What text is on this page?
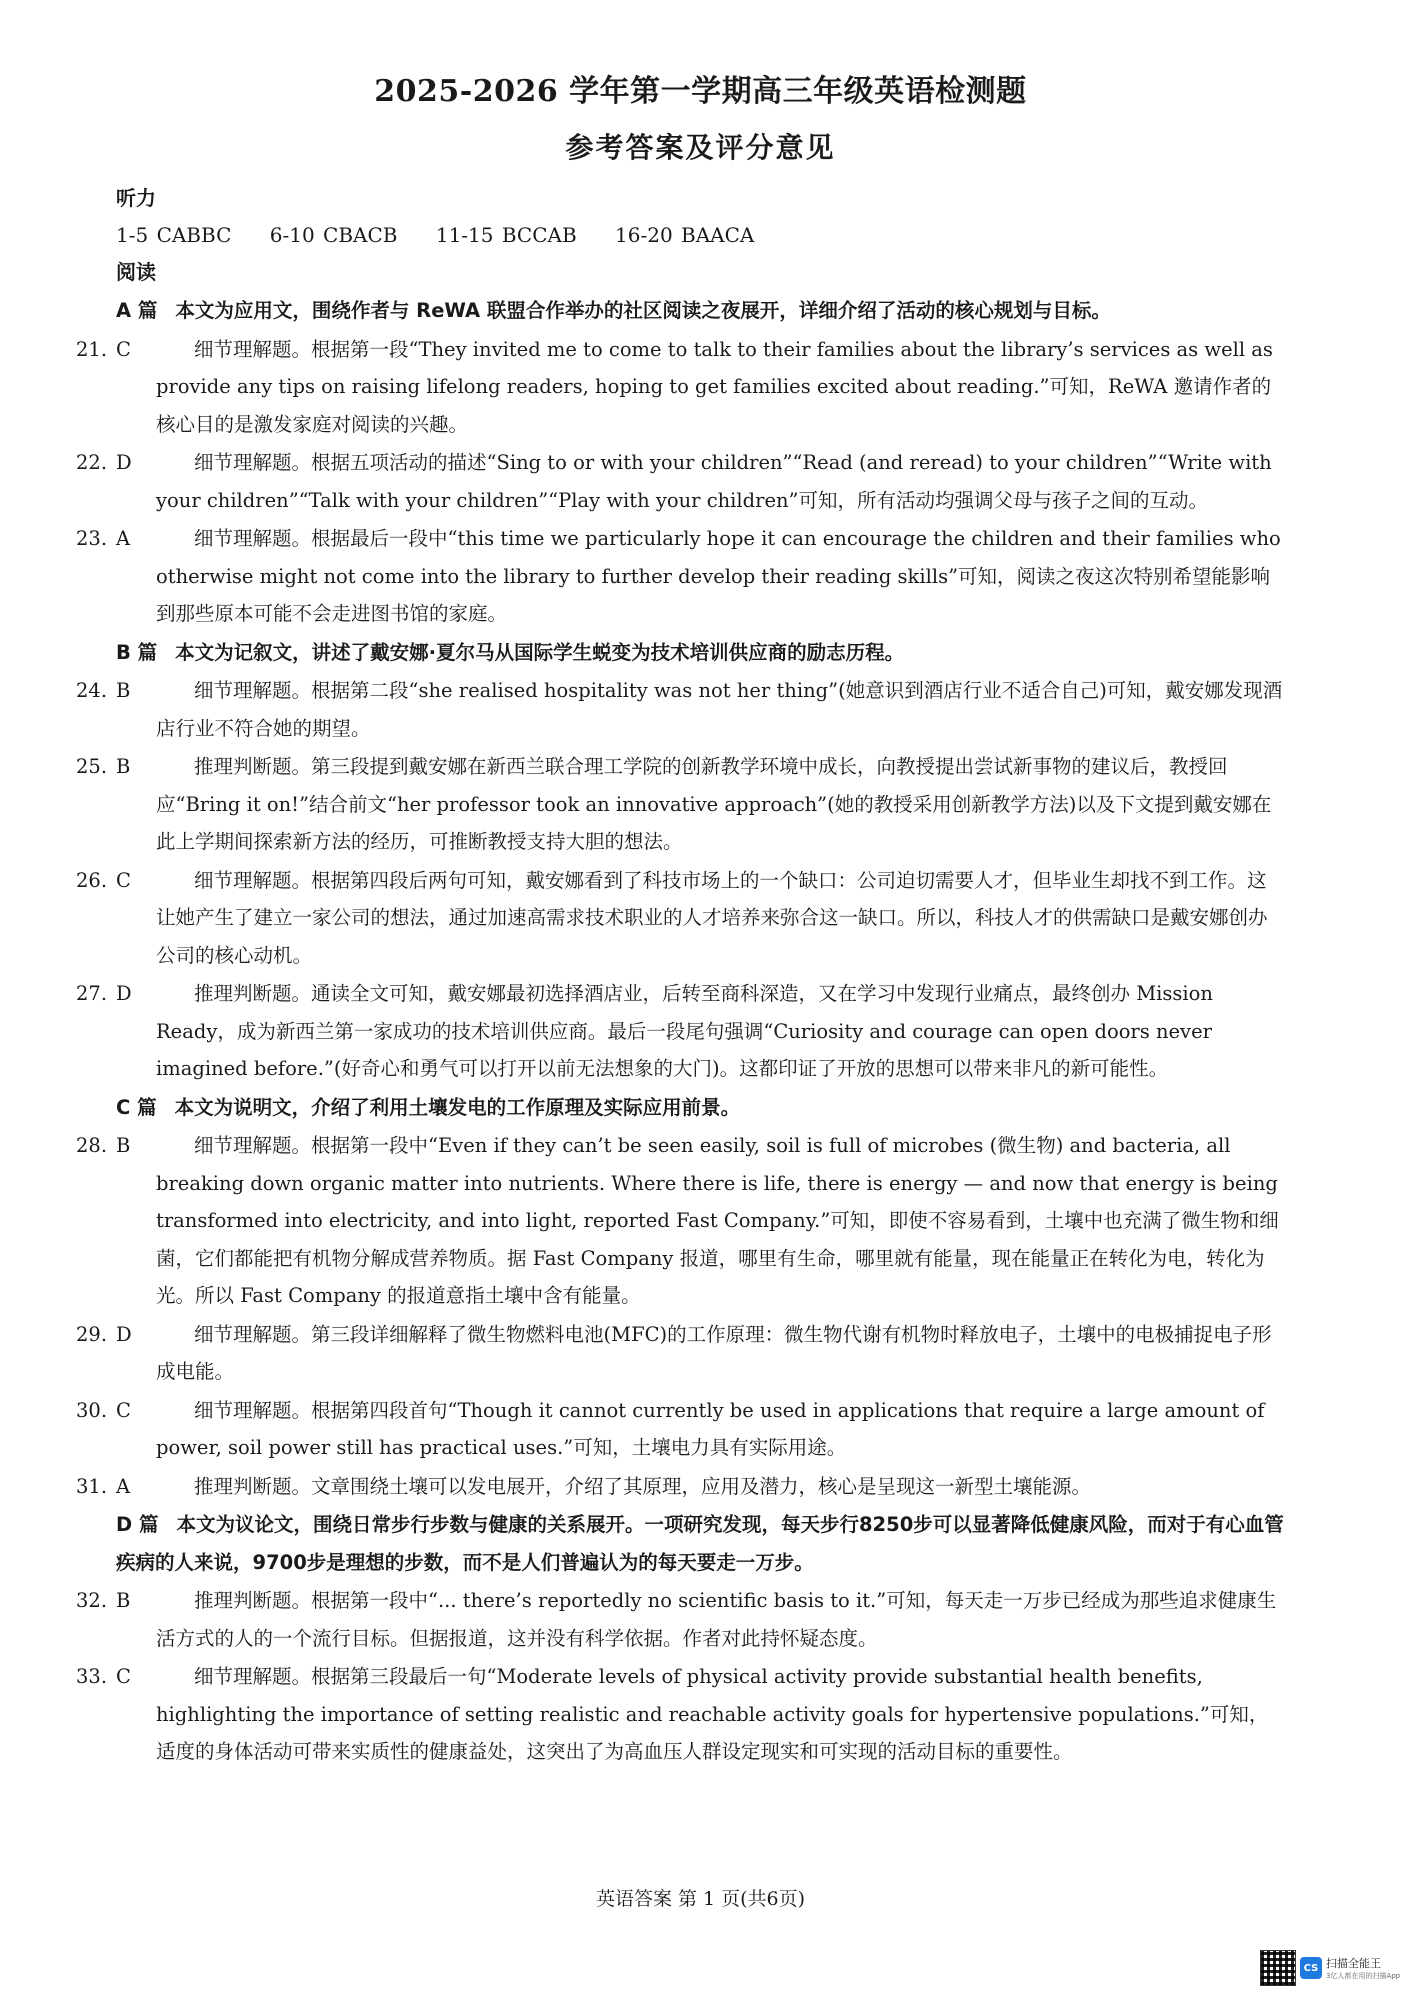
2025-2026 学年第一学期高三年级英语检测题
参考答案及评分意见
听力
1-5 CABBC 6-10 CBACB 11-15 BCCAB 16-20 BAACA
阅读
A 篇 本文为应用文，围绕作者与 ReWA 联盟合作举办的社区阅读之夜展开，详细介绍了活动的核心规划与目标。
21. C	细节理解题。根据第一段“They invited me to come to talk to their families about the library’s services as well as provide any tips on raising lifelong readers, hoping to get families excited about reading.”可知，ReWA 邀请作者的核心目的是激发家庭对阅读的兴趣。
22. D	细节理解题。根据五项活动的描述“Sing to or with your children”“Read (and reread) to your children”“Write with your children”“Talk with your children”“Play with your children”可知，所有活动均强调父母与孩子之间的互动。
23. A	细节理解题。根据最后一段中“this time we particularly hope it can encourage the children and their families who otherwise might not come into the library to further develop their reading skills”可知，阅读之夜这次特别希望能影响到那些原本可能不会走进图书馆的家庭。
B 篇 本文为记叙文，讲述了戴安娜·夏尔马从国际学生蜕变为技术培训供应商的励志历程。
24. B	细节理解题。根据第二段“she realised hospitality was not her thing”(她意识到酒店行业不适合自己)可知，戴安娜发现酒店行业不符合她的期望。
25. B	推理判断题。第三段提到戴安娜在新西兰联合理工学院的创新教学环境中成长，向教授提出尝试新事物的建议后，教授回应“Bring it on!”结合前文“her professor took an innovative approach”(她的教授采用创新教学方法)以及下文提到戴安娜在此上学期间探索新方法的经历，可推断教授支持大胆的想法。
26. C	细节理解题。根据第四段后两句可知，戴安娜看到了科技市场上的一个缺口：公司迫切需要人才，但毕业生却找不到工作。这让她产生了建立一家公司的想法，通过加速高需求技术职业的人才培养来弥合这一缺口。所以，科技人才的供需缺口是戴安娜创办公司的核心动机。
27. D	推理判断题。通读全文可知，戴安娜最初选择酒店业，后转至商科深造，又在学习中发现行业痛点，最终创办 Mission Ready，成为新西兰第一家成功的技术培训供应商。最后一段尾句强调“Curiosity and courage can open doors never imagined before.”(好奇心和勇气可以打开以前无法想象的大门)。这都印证了开放的思想可以带来非凡的新可能性。
C 篇 本文为说明文，介绍了利用土壤发电的工作原理及实际应用前景。
28. B	细节理解题。根据第一段中“Even if they can’t be seen easily, soil is full of microbes (微生物) and bacteria, all breaking down organic matter into nutrients. Where there is life, there is energy — and now that energy is being transformed into electricity, and into light, reported Fast Company.”可知，即使不容易看到，土壤中也充满了微生物和细菌，它们都能把有机物分解成营养物质。据 Fast Company 报道，哪里有生命，哪里就有能量，现在能量正在转化为电，转化为光。所以 Fast Company 的报道意指土壤中含有能量。
29. D	细节理解题。第三段详细解释了微生物燃料电池(MFC)的工作原理：微生物代谢有机物时释放电子，土壤中的电极捕捉电子形成电能。
30. C	细节理解题。根据第四段首句“Though it cannot currently be used in applications that require a large amount of power, soil power still has practical uses.”可知，土壤电力具有实际用途。
31. A	推理判断题。文章围绕土壤可以发电展开，介绍了其原理，应用及潜力，核心是呈现这一新型土壤能源。
D 篇 本文为议论文，围绕日常步行步数与健康的关系展开。一项研究发现，每天步行8250步可以显著降低健康风险，而对于有心血管疾病的人来说，9700步是理想的步数，而不是人们普遍认为的每天要走一万步。
32. B	推理判断题。根据第一段中“... there’s reportedly no scientific basis to it.”可知，每天走一万步已经成为那些追求健康生活方式的人的一个流行目标。但据报道，这并没有科学依据。作者对此持怀疑态度。
33. C	细节理解题。根据第三段最后一句“Moderate levels of physical activity provide substantial health benefits, highlighting the importance of setting realistic and reachable activity goals for hypertensive populations.”可知，适度的身体活动可带来实质性的健康益处，这突出了为高血压人群设定现实和可实现的活动目标的重要性。
英语答案 第 1 页(共6页)
CS 扫描全能王
3亿人都在用的扫描App
